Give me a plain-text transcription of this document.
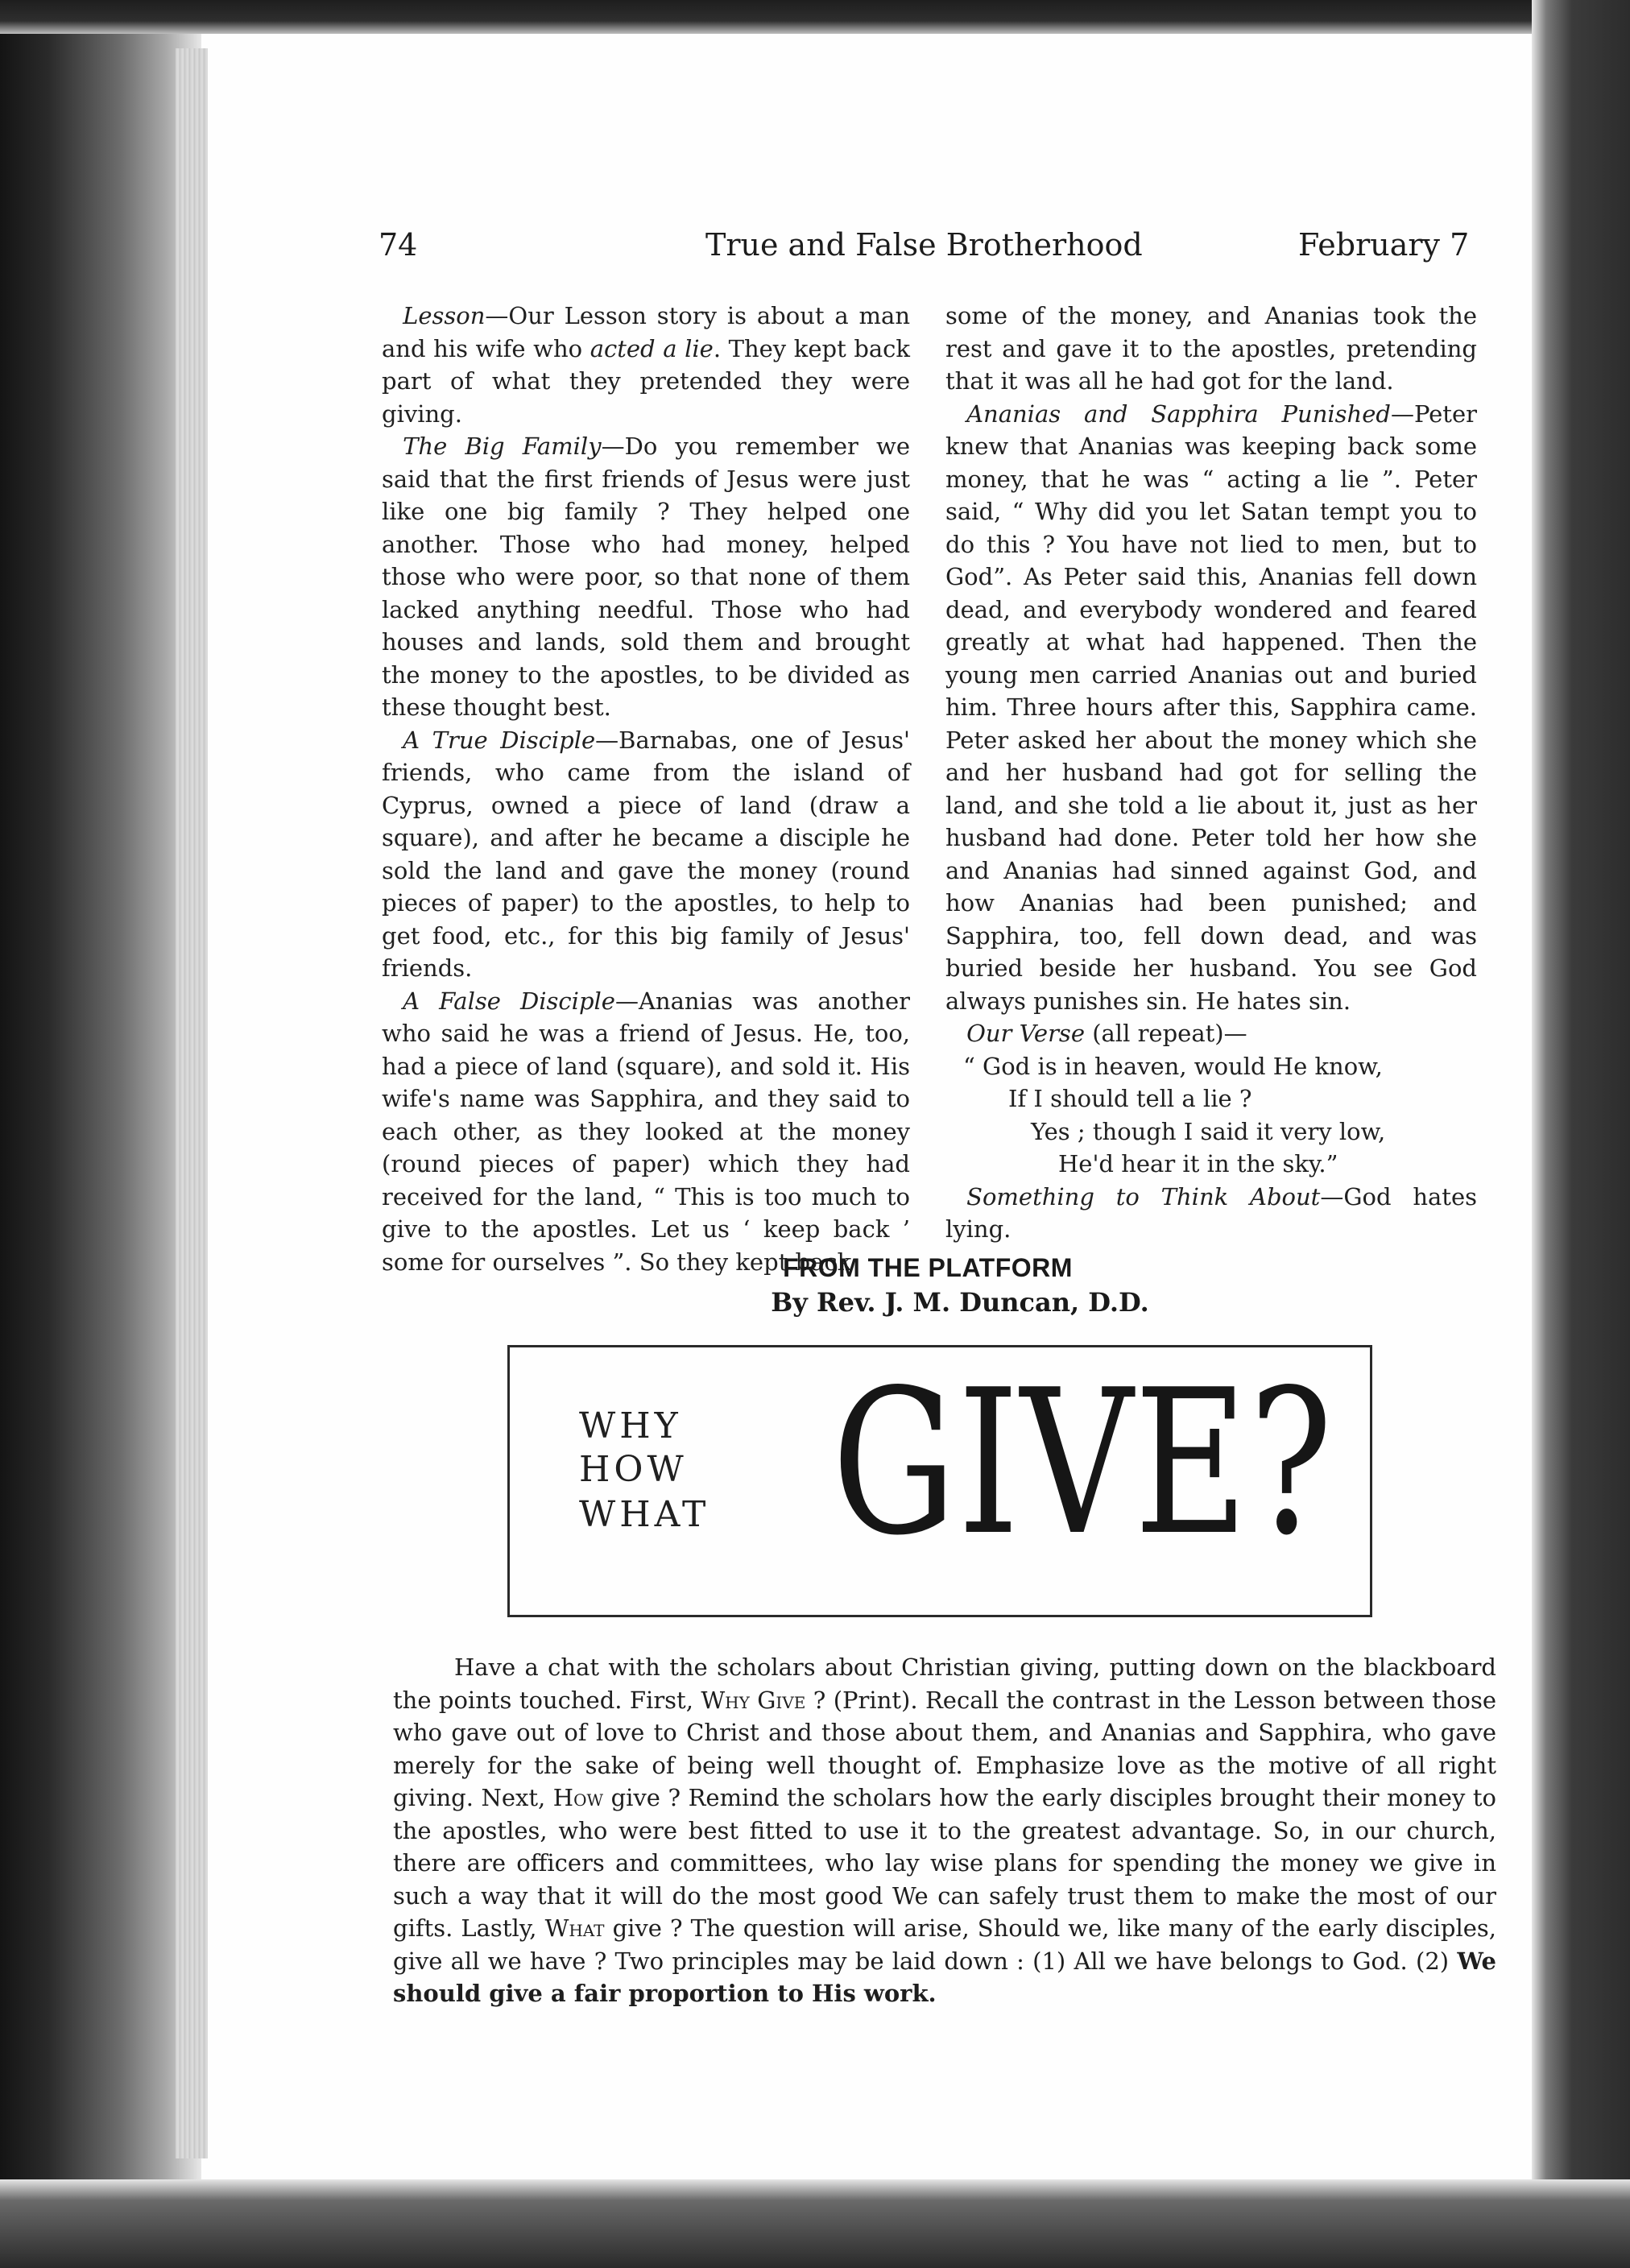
74	True and False Brotherhood	February 7

Lesson—Our Lesson story is about a man and his wife who acted a lie. They kept back part of what they pretended they were giving.

The Big Family—Do you remember we said that the first friends of Jesus were just like one big family ? They helped one another. Those who had money, helped those who were poor, so that none of them lacked anything needful. Those who had houses and lands, sold them and brought the money to the apostles, to be divided as these thought best.

A True Disciple—Barnabas, one of Jesus' friends, who came from the island of Cyprus, owned a piece of land (draw a square), and after he became a disciple he sold the land and gave the money (round pieces of paper) to the apostles, to help to get food, etc., for this big family of Jesus' friends.

A False Disciple—Ananias was another who said he was a friend of Jesus. He, too, had a piece of land (square), and sold it. His wife's name was Sapphira, and they said to each other, as they looked at the money (round pieces of paper) which they had received for the land, “ This is too much to give to the apostles. Let us ‘ keep back ’ some for ourselves ”. So they kept back

some of the money, and Ananias took the rest and gave it to the apostles, pretending that it was all he had got for the land.

Ananias and Sapphira Punished—Peter knew that Ananias was keeping back some money, that he was “ acting a lie ”. Peter said, “ Why did you let Satan tempt you to do this ? You have not lied to men, but to God”. As Peter said this, Ananias fell down dead, and everybody wondered and feared greatly at what had happened. Then the young men carried Ananias out and buried him. Three hours after this, Sapphira came. Peter asked her about the money which she and her husband had got for selling the land, and she told a lie about it, just as her husband had done. Peter told her how she and Ananias had sinned against God, and how Ananias had been punished; and Sapphira, too, fell down dead, and was buried beside her husband. You see God always punishes sin. He hates sin.

Our Verse (all repeat)—

“ God is in heaven, would He know,

If I should tell a lie ?

Yes ; though I said it very low,

He'd hear it in the sky.”

Something to Think About—God hates lying.

FROM THE PLATFORM
By Rev. J. M. Duncan, D.D.
WHY
HOW
WHAT GIVE?

Have a chat with the scholars about Christian giving, putting down on the blackboard the points touched. First, Why Give ? (Print). Recall the contrast in the Lesson between those who gave out of love to Christ and those about them, and Ananias and Sapphira, who gave merely for the sake of being well thought of. Emphasize love as the motive of all right giving. Next, How give ? Remind the scholars how the early disciples brought their money to the apostles, who were best fitted to use it to the greatest advantage. So, in our church, there are officers and committees, who lay wise plans for spending the money we give in such a way that it will do the most good We can safely trust them to make the most of our gifts. Lastly, What give ? The question will arise, Should we, like many of the early disciples, give all we have ? Two principles may be laid down : (1) All we have belongs to God. (2) We should give a fair proportion to His work.
